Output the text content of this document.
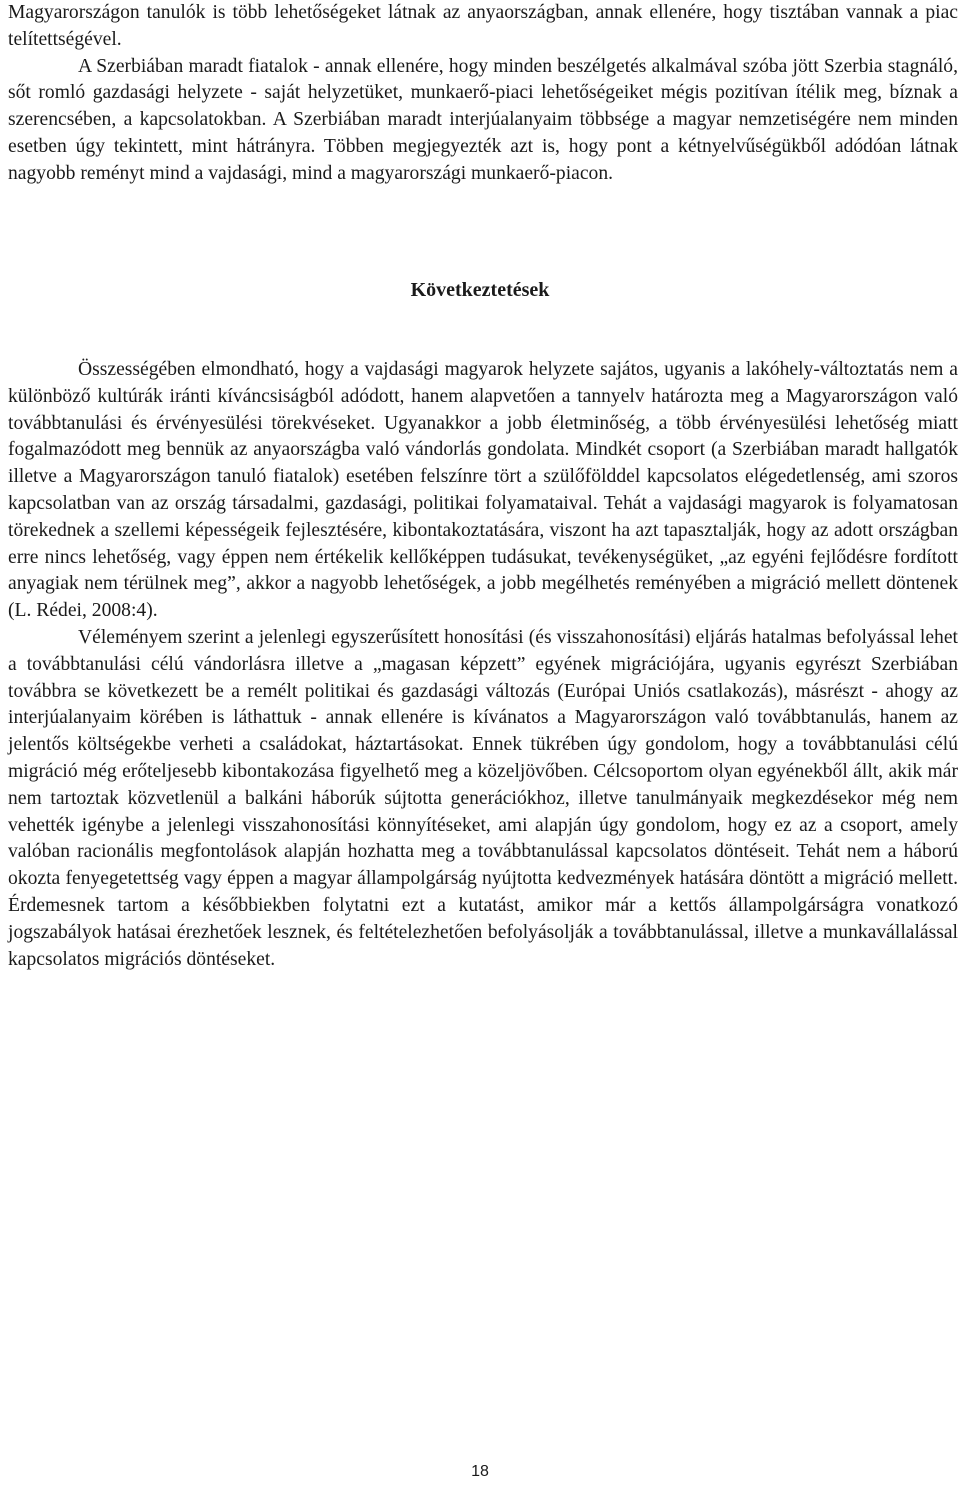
Magyarországon tanulók is több lehetőségeket látnak az anyaországban, annak ellenére, hogy tisztában vannak a piac telítettségével.

A Szerbiában maradt fiatalok - annak ellenére, hogy minden beszélgetés alkalmával szóba jött Szerbia stagnáló, sőt romló gazdasági helyzete - saját helyzetüket, munkaerő-piaci lehetőségeiket mégis pozitívan ítélik meg, bíznak a szerencsében, a kapcsolatokban. A Szerbiában maradt interjúalanyaim többsége a magyar nemzetiségére nem minden esetben úgy tekintett, mint hátrányra. Többen megjegyezték azt is, hogy pont a kétnyelvűségükből adódóan látnak nagyobb reményt mind a vajdasági, mind a magyarországi munkaerő-piacon.

Következtetések

Összességében elmondható, hogy a vajdasági magyarok helyzete sajátos, ugyanis a lakóhely-változtatás nem a különböző kultúrák iránti kíváncsiságból adódott, hanem alapvetően a tannyelv határozta meg a Magyarországon való továbbtanulási és érvényesülési törekvéseket. Ugyanakkor a jobb életminőség, a több érvényesülési lehetőség miatt fogalmazódott meg bennük az anyaországba való vándorlás gondolata. Mindkét csoport (a Szerbiában maradt hallgatók illetve a Magyarországon tanuló fiatalok) esetében felszínre tört a szülőfölddel kapcsolatos elégedetlenség, ami szoros kapcsolatban van az ország társadalmi, gazdasági, politikai folyamataival. Tehát a vajdasági magyarok is folyamatosan törekednek a szellemi képességeik fejlesztésére, kibontakoztatására, viszont ha azt tapasztalják, hogy az adott országban erre nincs lehetőség, vagy éppen nem értékelik kellőképpen tudásukat, tevékenységüket, „az egyéni fejlődésre fordított anyagiak nem térülnek meg”, akkor a nagyobb lehetőségek, a jobb megélhetés reményében a migráció mellett döntenek (L. Rédei, 2008:4).

Véleményem szerint a jelenlegi egyszerűsített honosítási (és visszahonosítási) eljárás hatalmas befolyással lehet a továbbtanulási célú vándorlásra illetve a „magasan képzett” egyének migrációjára, ugyanis egyrészt Szerbiában továbbra se következett be a remélt politikai és gazdasági változás (Európai Uniós csatlakozás), másrészt - ahogy az interjúalanyaim körében is láthattuk - annak ellenére is kívánatos a Magyarországon való továbbtanulás, hanem az jelentős költségekbe verheti a családokat, háztartásokat. Ennek tükrében úgy gondolom, hogy a továbbtanulási célú migráció még erőteljesebb kibontakozása figyelhető meg a közeljövőben. Célcsoportom olyan egyénekből állt, akik már nem tartoztak közvetlenül a balkáni háborúk sújtotta generációkhoz, illetve tanulmányaik megkezdésekor még nem vehették igénybe a jelenlegi visszahonosítási könnyítéseket, ami alapján úgy gondolom, hogy ez az a csoport, amely valóban racionális megfontolások alapján hozhatta meg a továbbtanulással kapcsolatos döntéseit. Tehát nem a háború okozta fenyegetettség vagy éppen a magyar állampolgárság nyújtotta kedvezmények hatására döntött a migráció mellett. Érdemesnek tartom a későbbiekben folytatni ezt a kutatást, amikor már a kettős állampolgárságra vonatkozó jogszabályok hatásai érezhetőek lesznek, és feltételezhetően befolyásolják a továbbtanulással, illetve a munkavállalással kapcsolatos migrációs döntéseket.

18
